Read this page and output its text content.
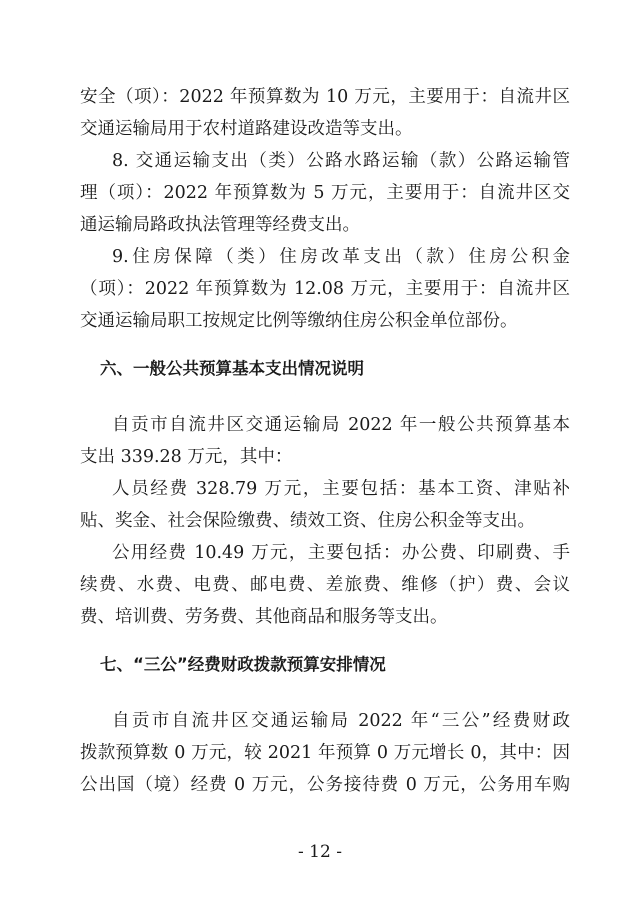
安全（项）：2022 年预算数为 10 万元，主要用于：自流井区
交通运输局用于农村道路建设改造等支出。
8. 交通运输支出（类）公路水路运输（款）公路运输管
理（项）：2022 年预算数为 5 万元，主要用于：自流井区交
通运输局路政执法管理等经费支出。
9.住房保障（类）住房改革支出（款）住房公积金
（项）：2022 年预算数为 12.08 万元，主要用于：自流井区
交通运输局职工按规定比例等缴纳住房公积金单位部份。
六、一般公共预算基本支出情况说明
自贡市自流井区交通运输局 2022 年一般公共预算基本
支出 339.28 万元，其中：
人员经费 328.79 万元，主要包括：基本工资、津贴补
贴、奖金、社会保险缴费、绩效工资、住房公积金等支出。
公用经费 10.49 万元，主要包括：办公费、印刷费、手
续费、水费、电费、邮电费、差旅费、维修（护）费、会议
费、培训费、劳务费、其他商品和服务等支出。
七、“三公”经费财政拨款预算安排情况
自贡市自流井区交通运输局 2022 年“三公”经费财政
拨款预算数 0 万元，较 2021 年预算 0 万元增长 0，其中：因
公出国（境）经费 0 万元，公务接待费 0 万元，公务用车购
- 12 -
